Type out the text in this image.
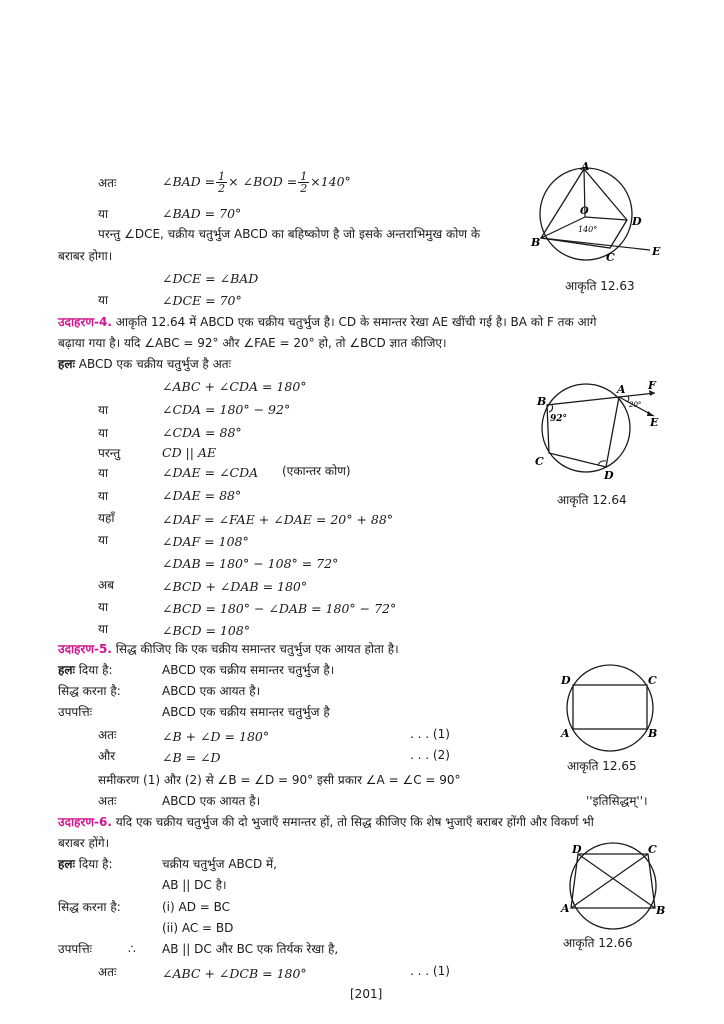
अतः	∠BAD = $\frac{1}{2}$ × ∠BOD = $\frac{1}{2} \times 140^\circ$
या	∠BAD = 70°
परन्तु ∠DCE, चक्रीय चतुर्भुज ABCD का बहिष्कोण है जो इसके अन्तराभिमुख कोण के
बराबर होगा।
∠DCE = ∠BAD
या	∠DCE = 70°
A
B
C
D
E
O
140°
आकृति 12.63
उदाहरण-4. आकृति 12.64 में ABCD एक चक्रीय चतुर्भुज है। CD के समान्तर रेखा AE खींची गई है। BA को F तक आगे
बढ़ाया गया है। यदि ∠ABC = 92° और ∠FAE = 20° हो, तो ∠BCD ज्ञात कीजिए।
हलः ABCD एक चक्रीय चतुर्भुज है अतः
∠ABC + ∠CDA = 180°
या	∠CDA = 180° − 92°
या	∠CDA = 88°
परन्तु	CD || AE
या	∠DAE = ∠CDA (एकान्तर कोण)
या	∠DAE = 88°
यहाँ	∠DAF = ∠FAE + ∠DAE = 20° + 88°
या	∠DAF = 108°
∠DAB = 180° − 108° = 72°
अब	∠BCD + ∠DAB = 180°
या	∠BCD = 180° − ∠DAB = 180° − 72°
या	∠BCD = 108°
A
B
C
D
E
F
92°
20°
आकृति 12.64
उदाहरण-5. सिद्ध कीजिए कि एक चक्रीय समान्तर चतुर्भुज एक आयत होता है।
हलः दिया है:	ABCD एक चक्रीय समान्तर चतुर्भुज है।
सिद्ध करना है:	ABCD एक आयत है।
उपपत्तिः	ABCD एक चक्रीय समान्तर चतुर्भुज है
अतः	∠B + ∠D = 180°	. . . (1)
और	∠B = ∠D	. . . (2)
समीकरण (1) और (2) से ∠B = ∠D = 90° इसी प्रकार ∠A = ∠C = 90°
अतः	ABCD एक आयत है।	''इतिसिद्धम्''।
D	C
A	B
आकृति 12.65
उदाहरण-6. यदि एक चक्रीय चतुर्भुज की दो भुजाएँ समान्तर हों, तो सिद्ध कीजिए कि शेष भुजाएँ बराबर होंगी और विकर्ण भी
बराबर होंगे।
हलः दिया है:	चक्रीय चतुर्भुज ABCD में,
AB || DC है।
सिद्ध करना है:	(i) AD = BC
(ii) AC = BD
उपपत्तिः	∴ AB || DC और BC एक तिर्यक रेखा है,
अतः	∠ABC + ∠DCB = 180°	. . . (1)
D	C
A	B
आकृति 12.66
[201]
